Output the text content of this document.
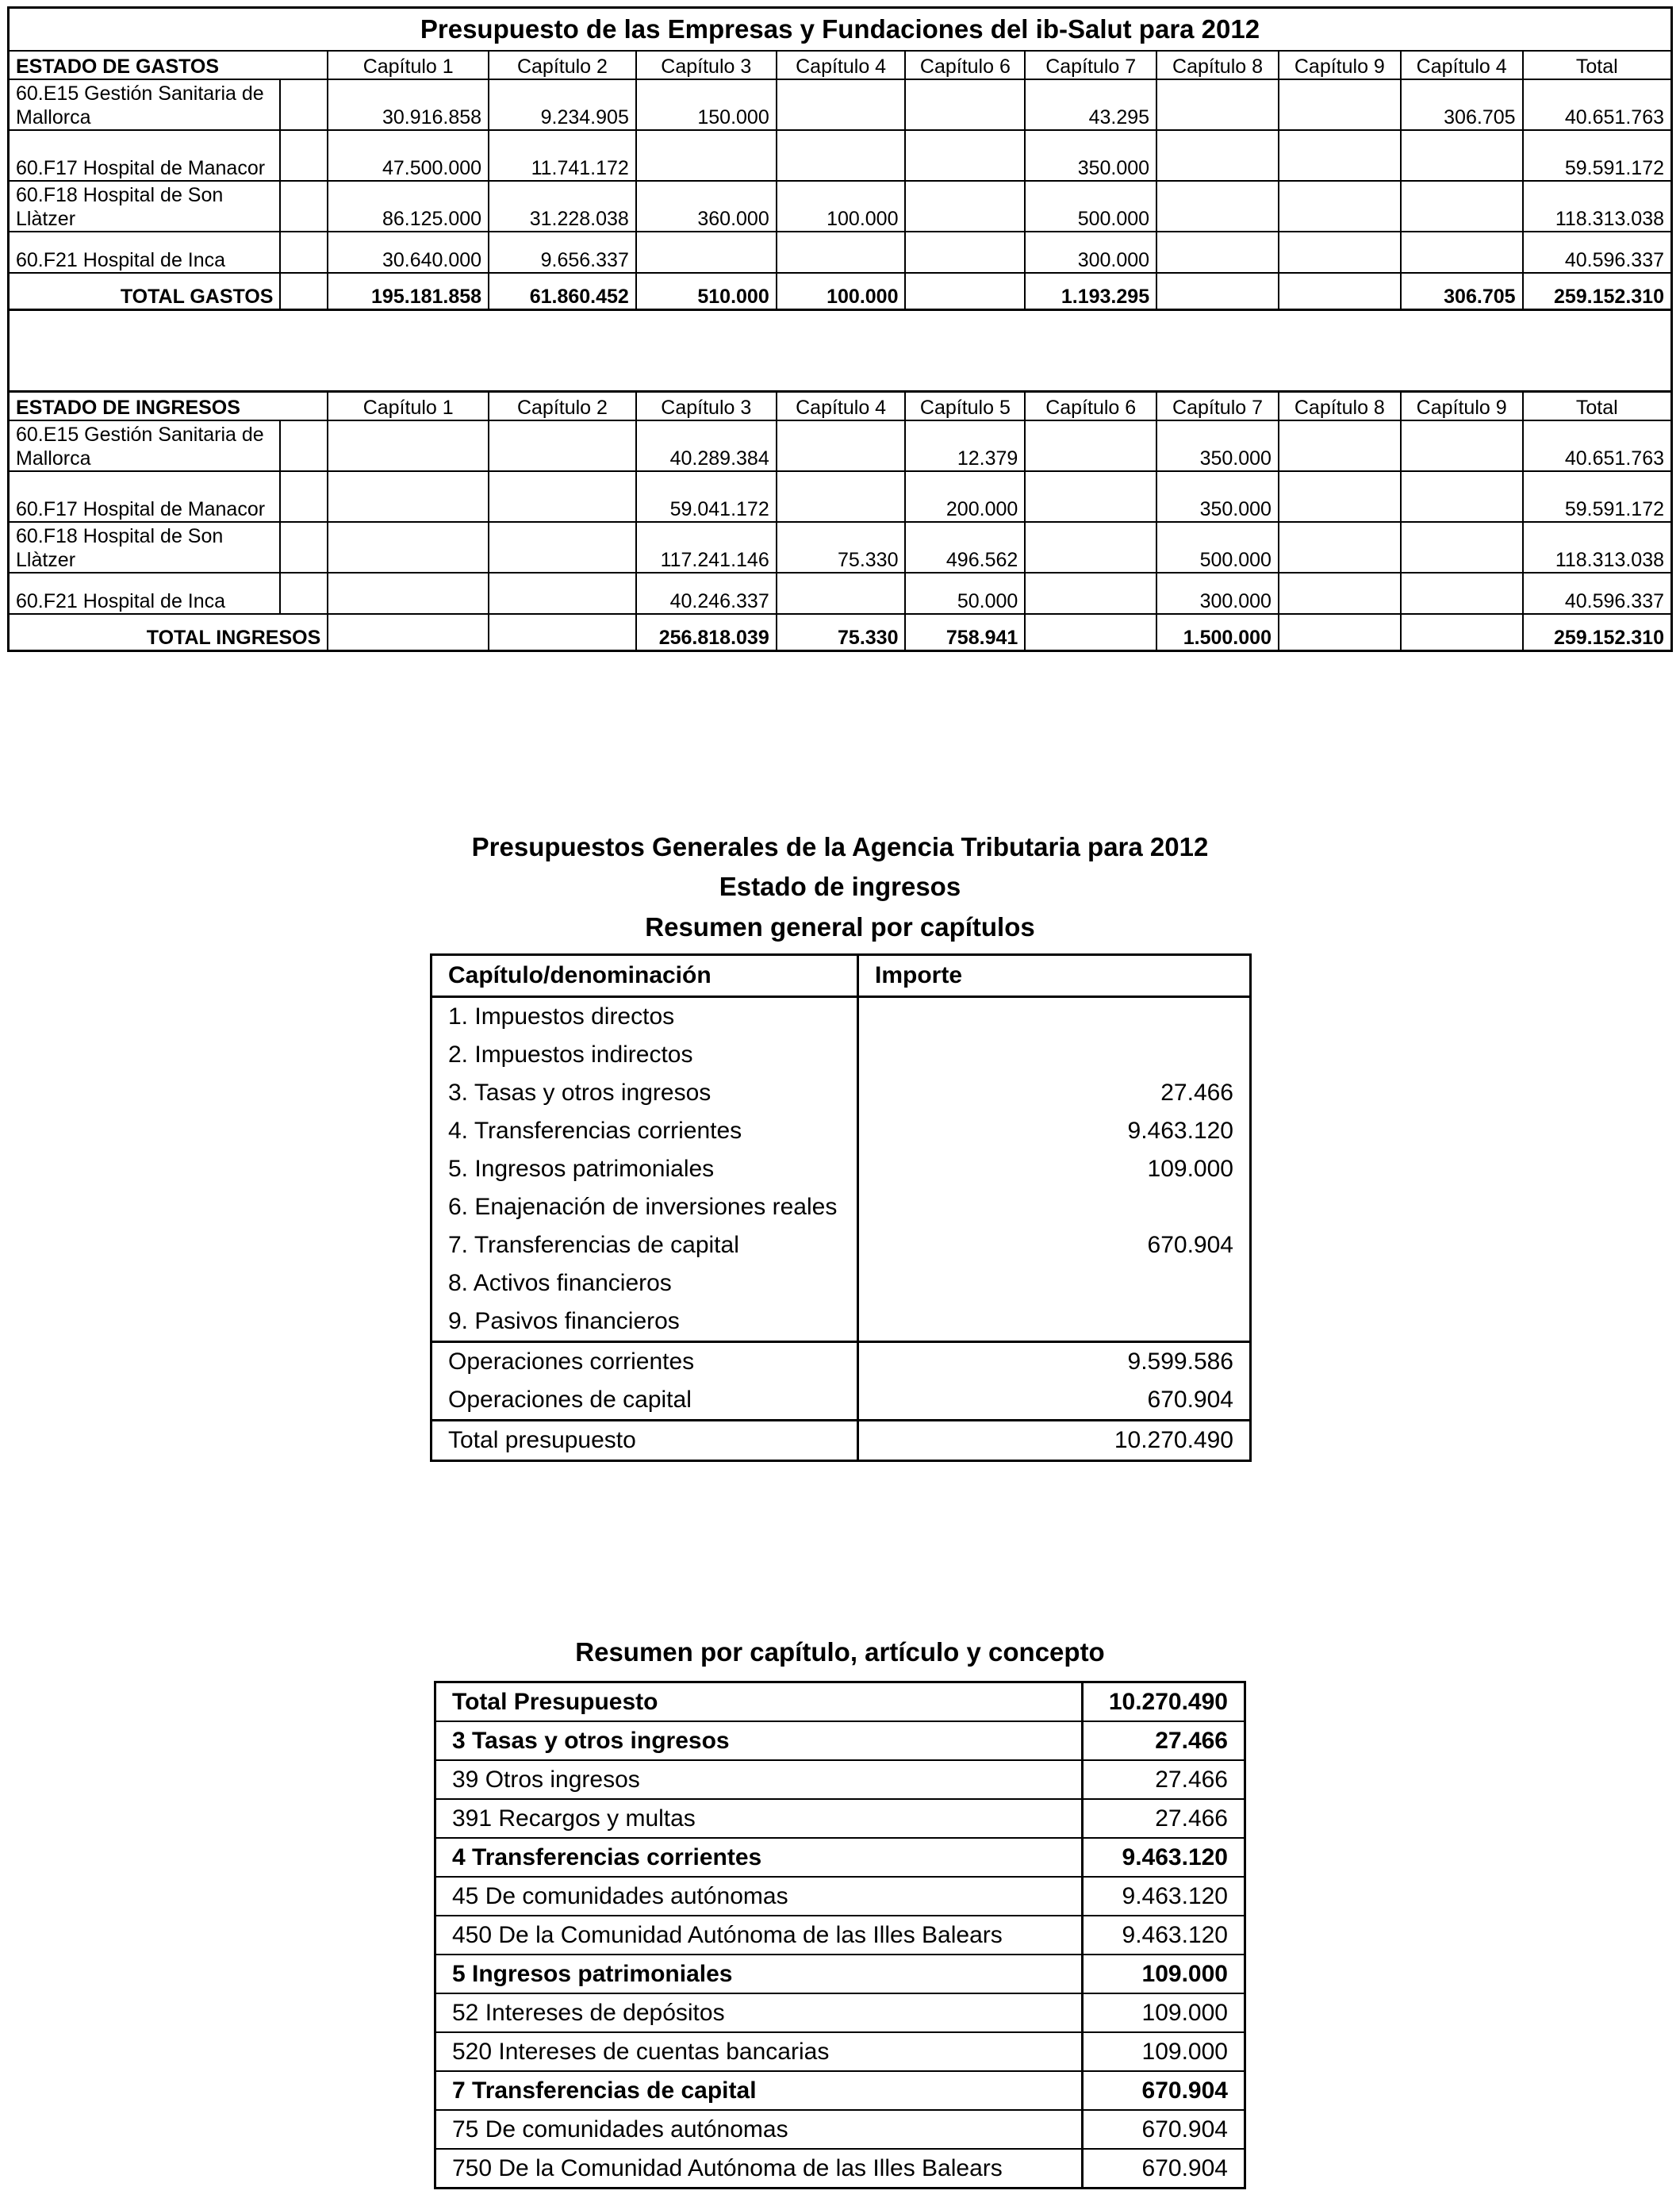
Presupuesto de las Empresas y Fundaciones del ib-Salut para 2012											
ESTADO DE GASTOS		Capítulo 1	Capítulo 2	Capítulo 3	Capítulo 4	Capítulo 6	Capítulo 7	Capítulo 8	Capítulo 9	Capítulo 4	Total
60.E15 Gestión Sanitaria de Mallorca		30.916.858	9.234.905	150.000			43.295			306.705	40.651.763
60.F17 Hospital de Manacor		47.500.000	11.741.172				350.000				59.591.172
60.F18 Hospital de Son Llàtzer		86.125.000	31.228.038	360.000	100.000		500.000				118.313.038
60.F21 Hospital de Inca		30.640.000	9.656.337				300.000				40.596.337
TOTAL GASTOS		195.181.858	61.860.452	510.000	100.000		1.193.295			306.705	259.152.310

ESTADO DE INGRESOS		Capítulo 1	Capítulo 2	Capítulo 3	Capítulo 4	Capítulo 5	Capítulo 6	Capítulo 7	Capítulo 8	Capítulo 9	Total
60.E15 Gestión Sanitaria de Mallorca				40.289.384		12.379		350.000			40.651.763
60.F17 Hospital de Manacor				59.041.172		200.000		350.000			59.591.172
60.F18 Hospital de Son Llàtzer				117.241.146	75.330	496.562		500.000			118.313.038
60.F21 Hospital de Inca				40.246.337		50.000		300.000			40.596.337
TOTAL INGRESOS				256.818.039	75.330	758.941		1.500.000			259.152.310
Presupuestos Generales de la Agencia Tributaria para 2012
Estado de ingresos
Resumen general por capítulos
Capítulo/denominación	Importe
1. Impuestos directos	
2. Impuestos indirectos	
3. Tasas y otros ingresos	27.466
4. Transferencias corrientes	9.463.120
5. Ingresos patrimoniales	109.000
6. Enajenación de inversiones reales	
7. Transferencias de capital	670.904
8. Activos financieros	
9. Pasivos financieros	
Operaciones corrientes	9.599.586
Operaciones de capital	670.904
Total presupuesto	10.270.490
Resumen por capítulo, artículo y concepto
Total Presupuesto	10.270.490
3 Tasas y otros ingresos	27.466
39 Otros ingresos	27.466
391 Recargos y multas	27.466
4 Transferencias corrientes	9.463.120
45 De comunidades autónomas	9.463.120
450 De la Comunidad Autónoma de las Illes Balears	9.463.120
5 Ingresos patrimoniales	109.000
52 Intereses de depósitos	109.000
520 Intereses de cuentas bancarias	109.000
7 Transferencias de capital	670.904
75 De comunidades autónomas	670.904
750 De la Comunidad Autónoma de las Illes Balears	670.904
